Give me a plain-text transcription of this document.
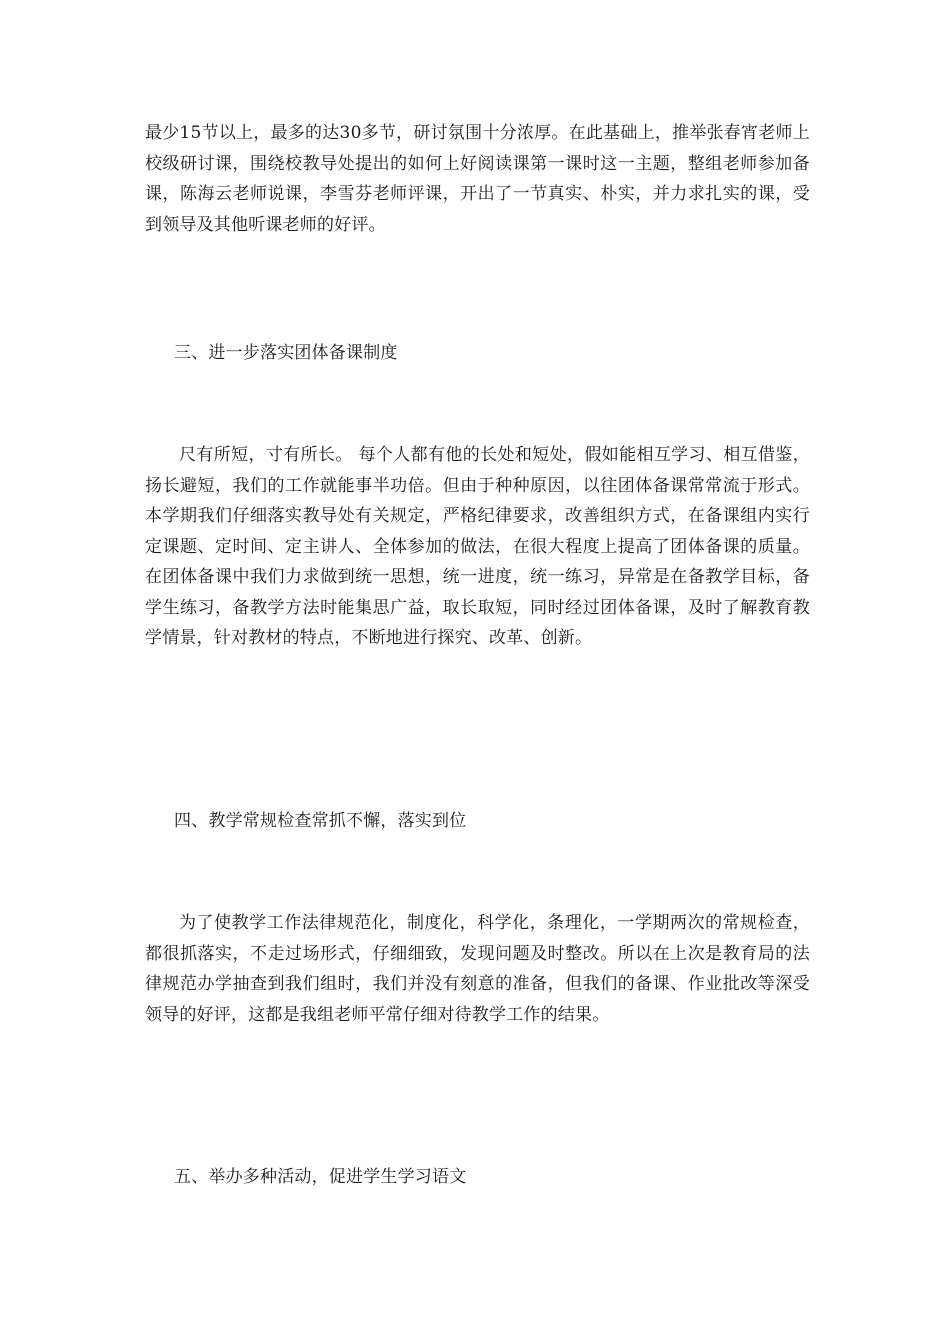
最少15节以上，最多的达30多节，研讨氛围十分浓厚。在此基础上，推举张春宵老师上校级研讨课，围绕校教导处提出的如何上好阅读课第一课时这一主题，整组老师参加备课，陈海云老师说课，李雪芬老师评课，开出了一节真实、朴实，并力求扎实的课，受到领导及其他听课老师的好评。

三、进一步落实团体备课制度

尺有所短，寸有所长。 每个人都有他的长处和短处，假如能相互学习、相互借鉴，扬长避短，我们的工作就能事半功倍。但由于种种原因，以往团体备课常常流于形式。本学期我们仔细落实教导处有关规定，严格纪律要求，改善组织方式，在备课组内实行定课题、定时间、定主讲人、全体参加的做法，在很大程度上提高了团体备课的质量。在团体备课中我们力求做到统一思想，统一进度，统一练习，异常是在备教学目标，备学生练习，备教学方法时能集思广益，取长取短，同时经过团体备课，及时了解教育教学情景，针对教材的特点，不断地进行探究、改革、创新。

四、教学常规检查常抓不懈，落实到位

为了使教学工作法律规范化，制度化，科学化，条理化，一学期两次的常规检查，都很抓落实，不走过场形式，仔细细致，发现问题及时整改。所以在上次是教育局的法律规范办学抽查到我们组时，我们并没有刻意的准备，但我们的备课、作业批改等深受领导的好评，这都是我组老师平常仔细对待教学工作的结果。

五、举办多种活动，促进学生学习语文
